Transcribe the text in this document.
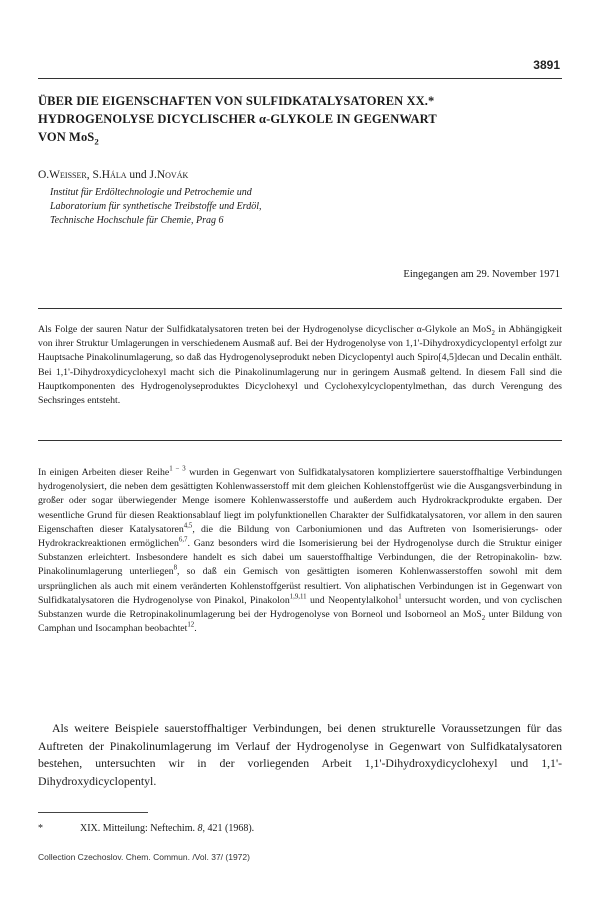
3891
ÜBER DIE EIGENSCHAFTEN VON SULFIDKATALYSATOREN XX.*
HYDROGENOLYSE DICYCLISCHER α-GLYKOLE IN GEGENWART
VON MoS$_2$
O.Weisser, S.Hála und J.Novák
Institut für Erdöltechnologie und Petrochemie und
Laboratorium für synthetische Treibstoffe und Erdöl,
Technische Hochschule für Chemie, Prag 6
Eingegangen am 29. November 1971
Als Folge der sauren Natur der Sulfidkatalysatoren treten bei der Hydrogenolyse dicyclischer α-Glykole an MoS$_2$ in Abhängigkeit von ihrer Struktur Umlagerungen in verschiedenem Ausmaß auf. Bei der Hydrogenolyse von 1,1'-Dihydroxydicyclopentyl erfolgt zur Hauptsache Pinakolinumlagerung, so daß das Hydrogenolyseprodukt neben Dicyclopentyl auch Spiro[4,5]decan und Decalin enthält. Bei 1,1'-Dihydroxydicyclohexyl macht sich die Pinakolinumlagerung nur in geringem Ausmaß geltend. In diesem Fall sind die Hauptkomponenten des Hydrogenolyseproduktes Dicyclohexyl und Cyclohexylcyclopentylmethan, das durch Verengung des Sechsringes entsteht.
In einigen Arbeiten dieser Reihe$^{1 - 3}$ wurden in Gegenwart von Sulfidkatalysatoren kompliziertere sauerstoffhaltige Verbindungen hydrogenolysiert, die neben dem gesättigten Kohlenwasserstoff mit dem gleichen Kohlenstoffgerüst wie die Ausgangsverbindung in großer oder sogar überwiegender Menge isomere Kohlenwasserstoffe und außerdem auch Hydrokrackprodukte ergaben. Der wesentliche Grund für diesen Reaktionsablauf liegt im polyfunktionellen Charakter der Sulfidkatalysatoren, vor allem in den sauren Eigenschaften dieser Katalysatoren$^{4,5}$, die die Bildung von Carboniumionen und das Auftreten von Isomerisierungs- oder Hydrokrackreaktionen ermöglichen$^{6,7}$. Ganz besonders wird die Isomerisierung bei der Hydrogenolyse durch die Struktur einiger Substanzen erleichtert. Insbesondere handelt es sich dabei um sauerstoffhaltige Verbindungen, die der Retropinakolin- bzw. Pinakolinumlagerung unterliegen$^8$, so daß ein Gemisch von gesättigten isomeren Kohlenwasserstoffen sowohl mit dem ursprünglichen als auch mit einem veränderten Kohlenstoffgerüst resultiert. Von aliphatischen Verbindungen ist in Gegenwart von Sulfidkatalysatoren die Hydrogenolyse von Pinakol, Pinakolon$^{1,9,11}$ und Neopentylalkohol$^1$ untersucht worden, und von cyclischen Substanzen wurde die Retropinakolinumlagerung bei der Hydrogenolyse von Borneol und Isoborneol an MoS$_2$ unter Bildung von Camphan und Isocamphan beobachtet$^{12}$.
Als weitere Beispiele sauerstoffhaltiger Verbindungen, bei denen strukturelle Voraussetzungen für das Auftreten der Pinakolinumlagerung im Verlauf der Hydrogenolyse in Gegenwart von Sulfidkatalysatoren bestehen, untersuchten wir in der vorliegenden Arbeit 1,1'-Dihydroxydicyclohexyl und 1,1'-Dihydroxydicyclopentyl.
*	XIX. Mitteilung: Neftechim. 8, 421 (1968).
Collection Czechoslov. Chem. Commun. /Vol. 37/ (1972)
